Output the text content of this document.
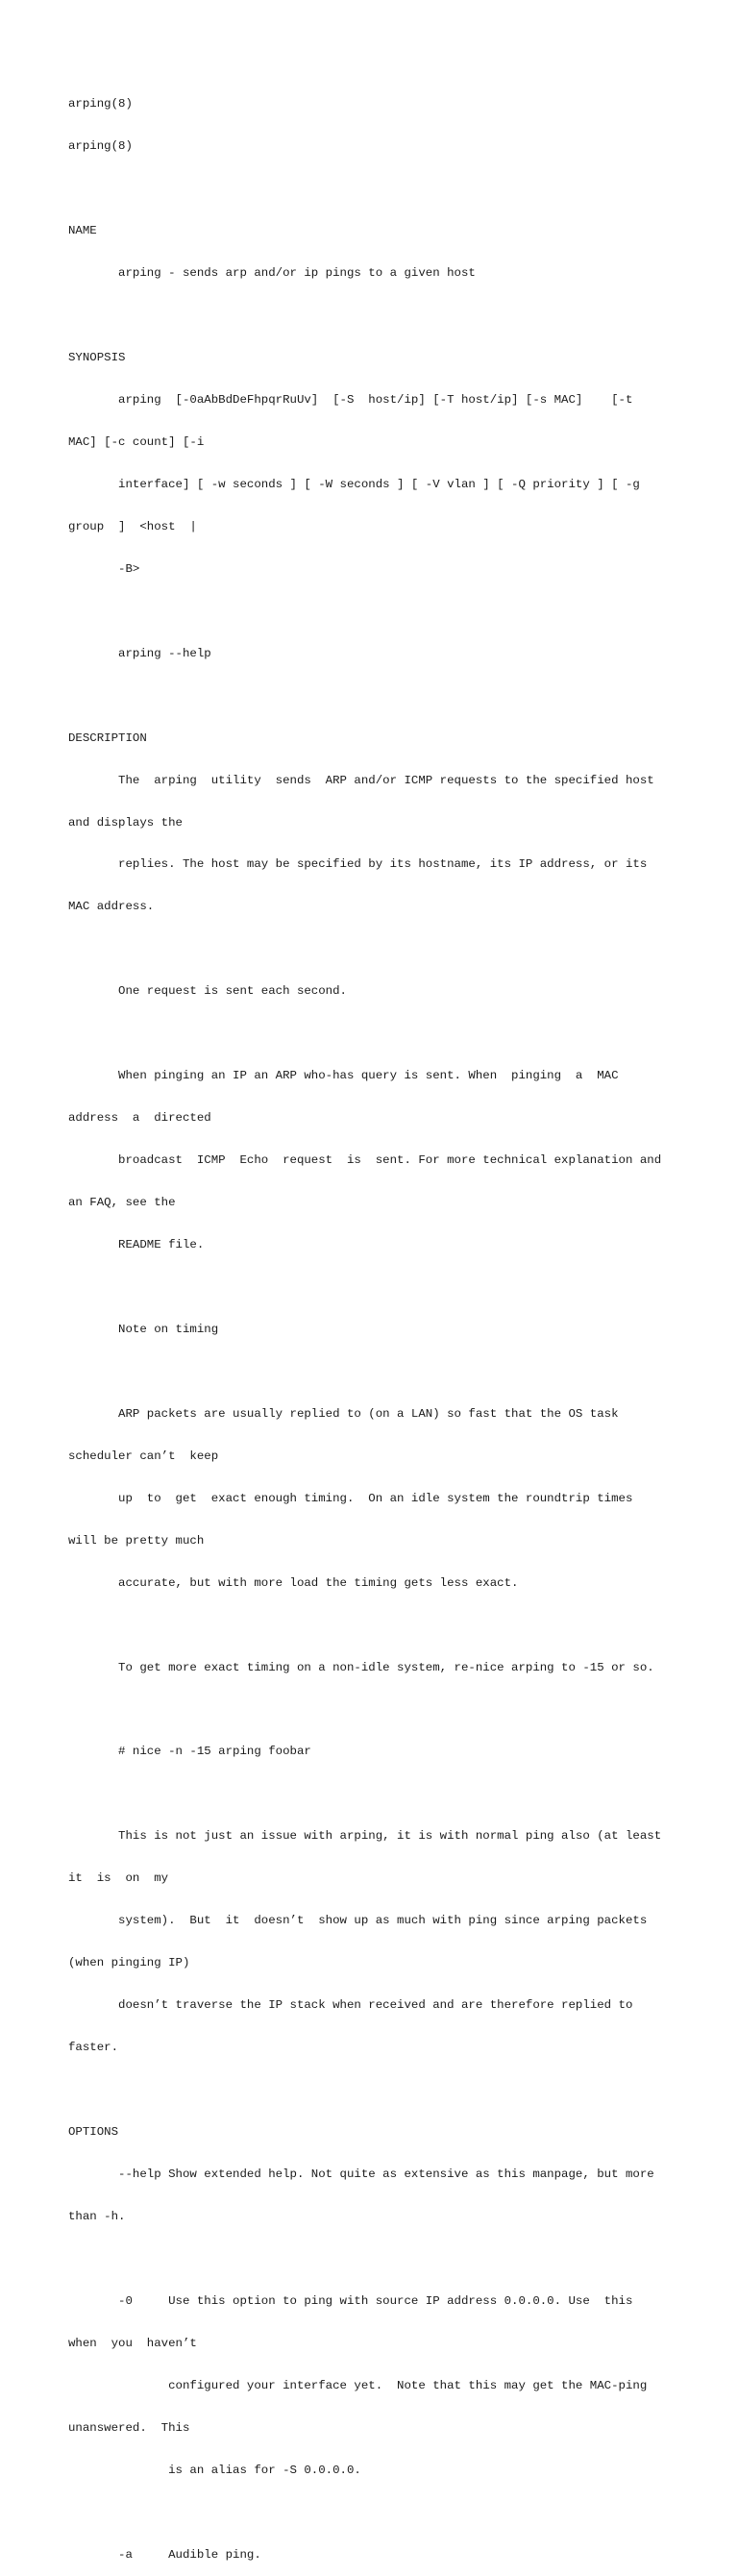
arping(8)

arping(8)

NAME

arping - sends arp and/or ip pings to a given host

SYNOPSIS

arping  [-0aAbBdDeFhpqrRuUv]  [-S  host/ip] [-T host/ip] [-s MAC]    [-t

MAC] [-c count] [-i

interface] [ -w seconds ] [ -W seconds ] [ -V vlan ] [ -Q priority ] [ -g

group  ]  <host  |

-B>

arping --help

DESCRIPTION

The  arping  utility  sends  ARP and/or ICMP requests to the specified host

and displays the

replies. The host may be specified by its hostname, its IP address, or its

MAC address.

One request is sent each second.

When pinging an IP an ARP who-has query is sent. When  pinging  a  MAC

address  a  directed

broadcast  ICMP  Echo  request  is  sent. For more technical explanation and

an FAQ, see the

README file.

Note on timing

ARP packets are usually replied to (on a LAN) so fast that the OS task

scheduler can’t  keep

up  to  get  exact enough timing.  On an idle system the roundtrip times

will be pretty much

accurate, but with more load the timing gets less exact.

To get more exact timing on a non-idle system, re-nice arping to -15 or so.

# nice -n -15 arping foobar

This is not just an issue with arping, it is with normal ping also (at least

it  is  on  my

system).  But  it  doesn’t  show up as much with ping since arping packets

(when pinging IP)

doesn’t traverse the IP stack when received and are therefore replied to

faster.

OPTIONS

--help Show extended help. Not quite as extensive as this manpage, but more

than -h.

-0     Use this option to ping with source IP address 0.0.0.0. Use  this

when  you  haven’t

configured your interface yet.  Note that this may get the MAC-ping

unanswered.  This

is an alias for -S 0.0.0.0.

-a     Audible ping.
